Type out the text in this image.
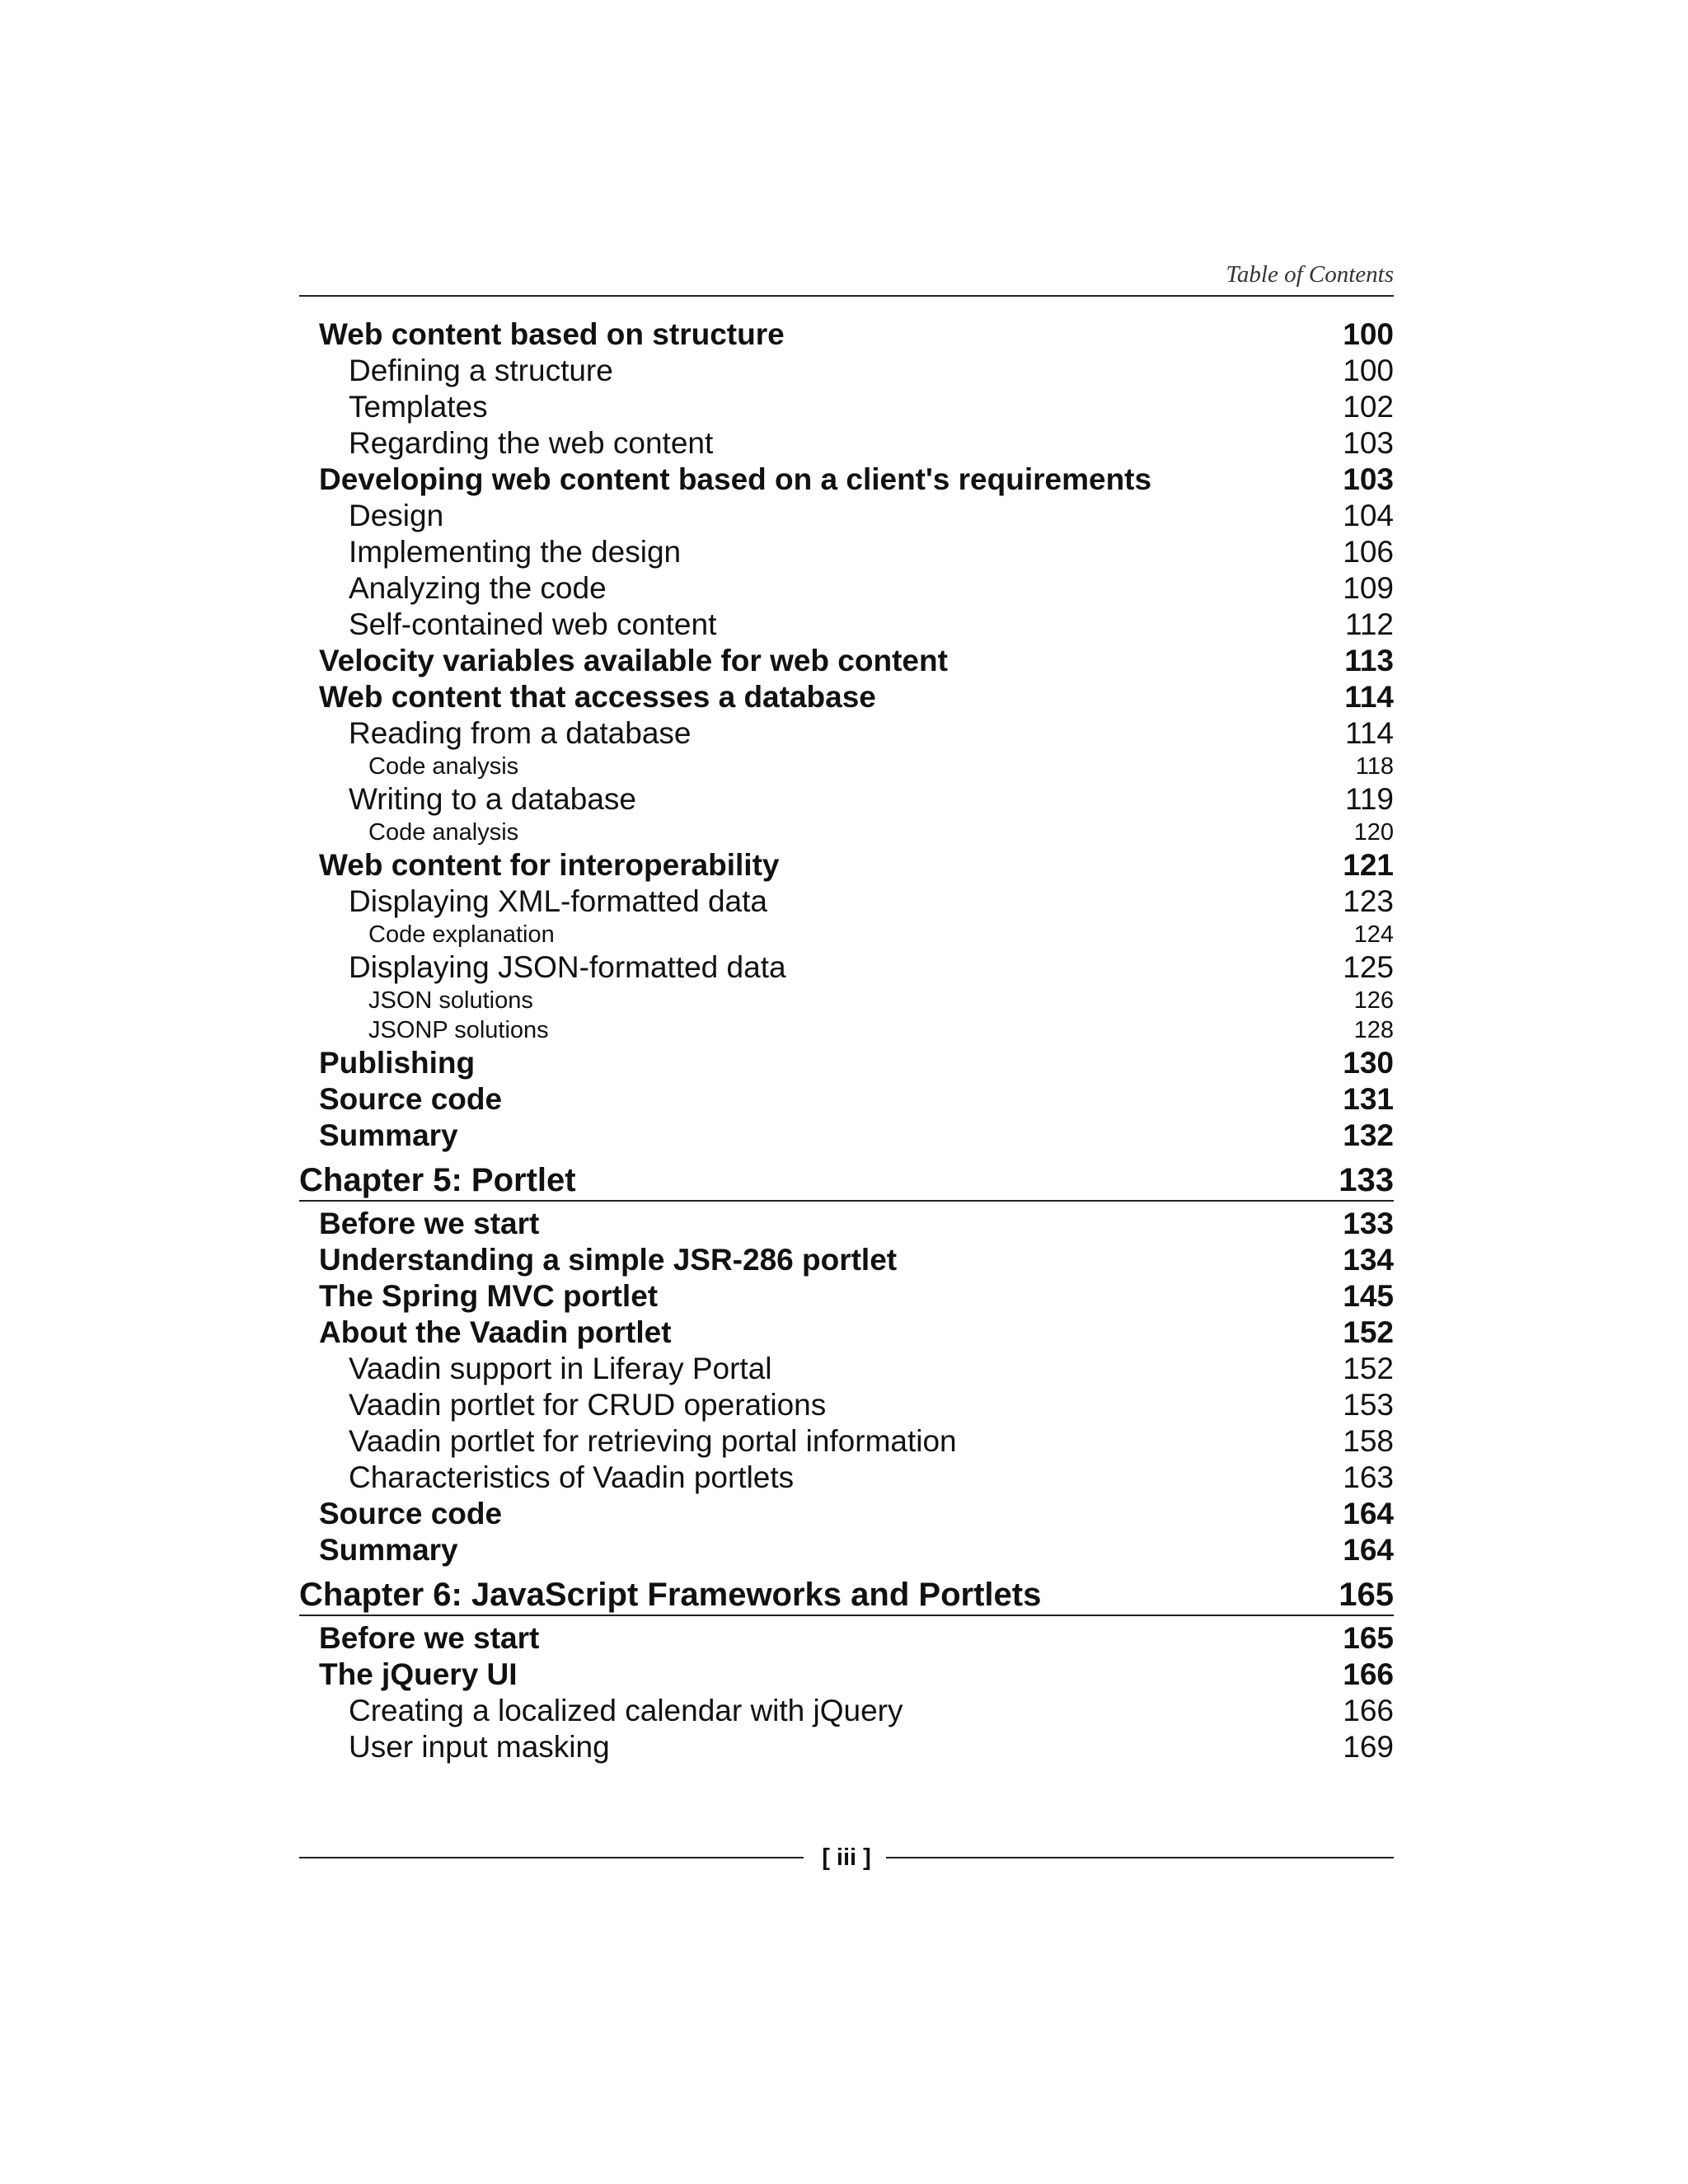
Table of Contents
Web content based on structure	100
Defining a structure	100
Templates	102
Regarding the web content	103
Developing web content based on a client's requirements	103
Design	104
Implementing the design	106
Analyzing the code	109
Self-contained web content	112
Velocity variables available for web content	113
Web content that accesses a database	114
Reading from a database	114
Code analysis	118
Writing to a database	119
Code analysis	120
Web content for interoperability	121
Displaying XML-formatted data	123
Code explanation	124
Displaying JSON-formatted data	125
JSON solutions	126
JSONP solutions	128
Publishing	130
Source code	131
Summary	132
Chapter 5: Portlet	133
Before we start	133
Understanding a simple JSR-286 portlet	134
The Spring MVC portlet	145
About the Vaadin portlet	152
Vaadin support in Liferay Portal	152
Vaadin portlet for CRUD operations	153
Vaadin portlet for retrieving portal information	158
Characteristics of Vaadin portlets	163
Source code	164
Summary	164
Chapter 6: JavaScript Frameworks and Portlets	165
Before we start	165
The jQuery UI	166
Creating a localized calendar with jQuery	166
User input masking	169
[ iii ]
